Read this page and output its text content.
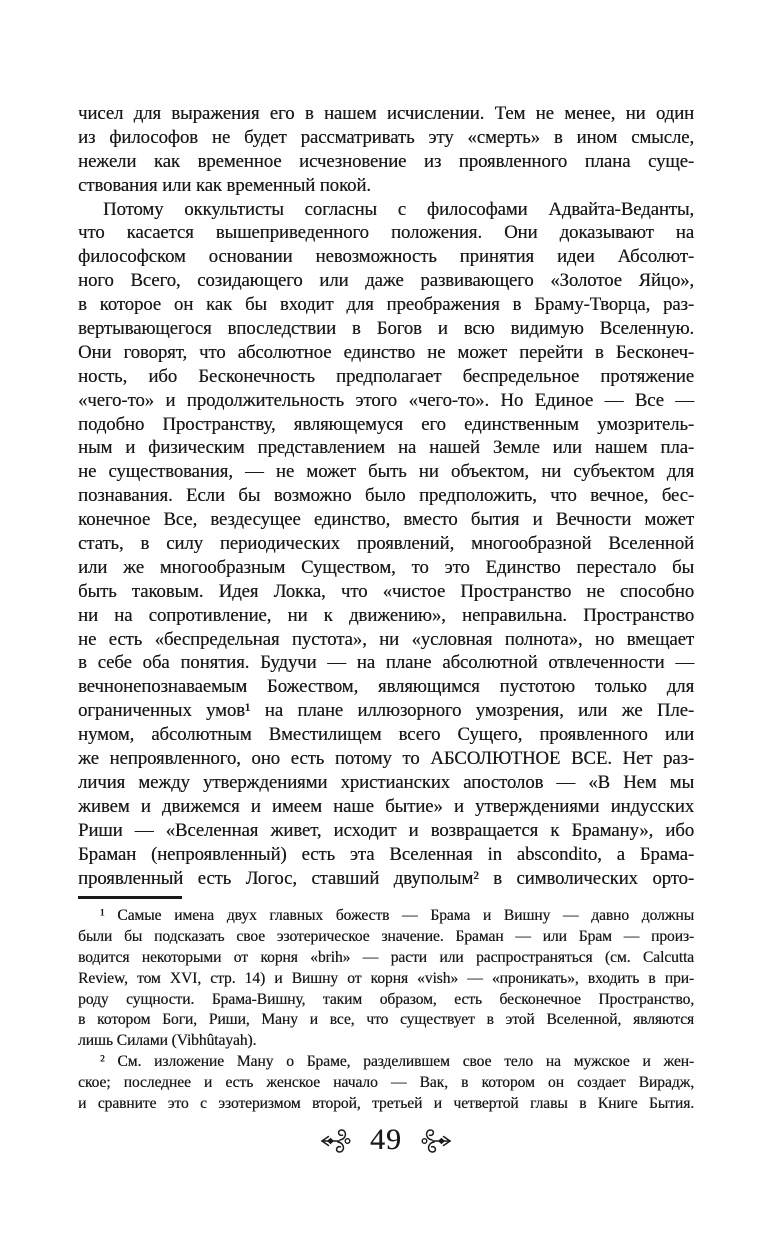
чисел для выражения его в нашем исчислении. Тем не менее, ни один
из философов не будет рассматривать эту «смерть» в ином смысле,
нежели как временное исчезновение из проявленного плана суще-
ствования или как временный покой.
Потому оккультисты согласны с философами Адвайта-Веданты,
что касается вышеприведенного положения. Они доказывают на
философском основании невозможность принятия идеи Абсолют-
ного Всего, созидающего или даже развивающего «Золотое Яйцо»,
в которое он как бы входит для преображения в Браму-Творца, раз-
вертывающегося впоследствии в Богов и всю видимую Вселенную.
Они говорят, что абсолютное единство не может перейти в Бесконеч-
ность, ибо Бесконечность предполагает беспредельное протяжение
«чего-то» и продолжительность этого «чего-то». Но Единое — Все —
подобно Пространству, являющемуся его единственным умозритель-
ным и физическим представлением на нашей Земле или нашем пла-
не существования, — не может быть ни объектом, ни субъектом для
познавания. Если бы возможно было предположить, что вечное, бес-
конечное Все, вездесущее единство, вместо бытия и Вечности может
стать, в силу периодических проявлений, многообразной Вселенной
или же многообразным Существом, то это Единство перестало бы
быть таковым. Идея Локка, что «чистое Пространство не способно
ни на сопротивление, ни к движению», неправильна. Пространство
не есть «беспредельная пустота», ни «условная полнота», но вмещает
в себе оба понятия. Будучи — на плане абсолютной отвлеченности —
вечнонепознаваемым Божеством, являющимся пустотою только для
ограниченных умов¹ на плане иллюзорного умозрения, или же Пле-
нумом, абсолютным Вместилищем всего Сущего, проявленного или
же непроявленного, оно есть потому то АБСОЛЮТНОЕ ВСЕ. Нет раз-
личия между утверждениями христианских апостолов — «В Нем мы
живем и движемся и имеем наше бытие» и утверждениями индусских
Риши — «Вселенная живет, исходит и возвращается к Браману», ибо
Браман (непроявленный) есть эта Вселенная in abscondito, а Брама-
проявленный есть Логос, ставший двуполым² в символических орто-
¹ Самые имена двух главных божеств — Брама и Вишну — давно должны
были бы подсказать свое эзотерическое значение. Браман — или Брам — произ-
водится некоторыми от корня «brih» — расти или распространяться (см. Calcutta
Review, том XVI, стр. 14) и Вишну от корня «vish» — «проникать», входить в при-
роду сущности. Брама-Вишну, таким образом, есть бесконечное Пространство,
в котором Боги, Риши, Ману и все, что существует в этой Вселенной, являются
лишь Силами (Vibhûtayah).
² См. изложение Ману о Браме, разделившем свое тело на мужское и жен-
ское; последнее и есть женское начало — Вак, в котором он создает Вирадж,
и сравните это с эзотеризмом второй, третьей и четвертой главы в Книге Бытия.
49
